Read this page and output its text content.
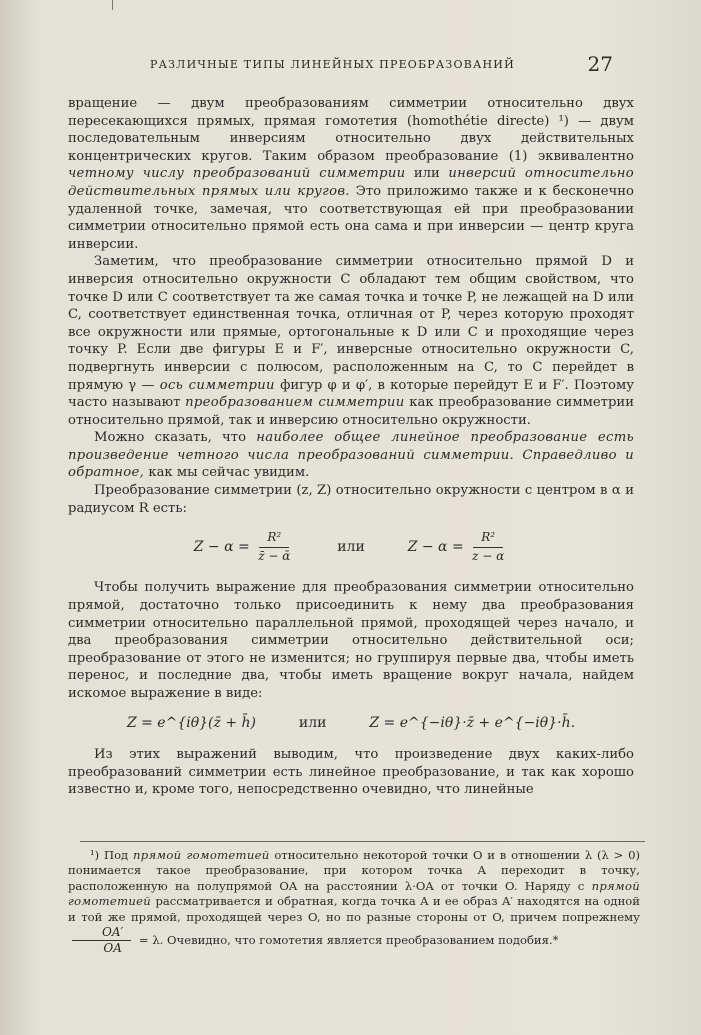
РАЗЛИЧНЫЕ ТИПЫ ЛИНЕЙНЫХ ПРЕОБРАЗОВАНИЙ	27

вращение — двум преобразованиям симметрии относительно двух пересекающихся прямых, прямая гомотетия (homothétie directe) ¹) — двум последовательным инверсиям относительно двух действительных концентрических кругов. Таким образом преобразование (1) эквивалентно четному числу преобразований симметрии или инверсий относительно действительных прямых или кругов. Это приложимо также и к бесконечно удаленной точке, замечая, что соответствующая ей при преобразовании симметрии относительно прямой есть она сама и при инверсии — центр круга инверсии.

Заметим, что преобразование симметрии относительно прямой D и инверсия относительно окружности C обладают тем общим свойством, что точке D или C соответствует та же самая точка и точке P, не лежащей на D или C, соответствует единственная точка, отличная от P, через которую проходят все окружности или прямые, ортогональные к D или C и проходящие через точку P. Если две фигуры E и F′, инверсные относительно окружности C, подвергнуть инверсии с полюсом, расположенным на C, то C перейдет в прямую γ — ось симметрии фигур φ и φ′, в которые перейдут E и F′. Поэтому часто называют преобразованием симметрии как преобразование симметрии относительно прямой, так и инверсию относительно окружности.

Можно сказать, что наиболее общее линейное преобразование есть произведение четного числа преобразований симметрии. Справедливо и обратное, как мы сейчас увидим.

Преобразование симметрии (z, Z) относительно окружности с центром в α и радиусом R есть:

$Z - \alpha = \frac{\text{R²}}{\text{z̄ − ᾱ}}$	или	$Z - \alpha = \frac{\text{R²}}{z - \alpha}$

Чтобы получить выражение для преобразования симметрии относительно прямой, достаточно только присоединить к нему два преобразования симметрии относительно параллельной прямой, проходящей через начало, и два преобразования симметрии относительно действительной оси; преобразование от этого не изменится; но группируя первые два, чтобы иметь перенос, и последние два, чтобы иметь вращение вокруг начала, найдем искомое выражение в виде:

Z = e^{iθ}(z̄ + h̄)	или	Z = e^{−iθ}·z̄ + e^{−iθ}·h̄.

Из этих выражений выводим, что произведение двух каких-либо преобразований симметрии есть линейное преобразование, и так как хорошо известно и, кроме того, непосредственно очевидно, что линейные

¹) Под прямой гомотетией относительно некоторой точки O и в отношении λ (λ > 0) понимается такое преобразование, при котором точка A переходит в точку, расположенную на полупрямой OA на расстоянии λ·OA от точки O. Наряду с прямой гомотетией рассматривается и обратная, когда точка A и ее образ A′ находятся на одной и той же прямой, проходящей через O, но по разные стороны от O, причем попрежнему
$\frac{OA'}{OA} = \lambda$. Очевидно, что гомотетия является преобразованием подобия.*
